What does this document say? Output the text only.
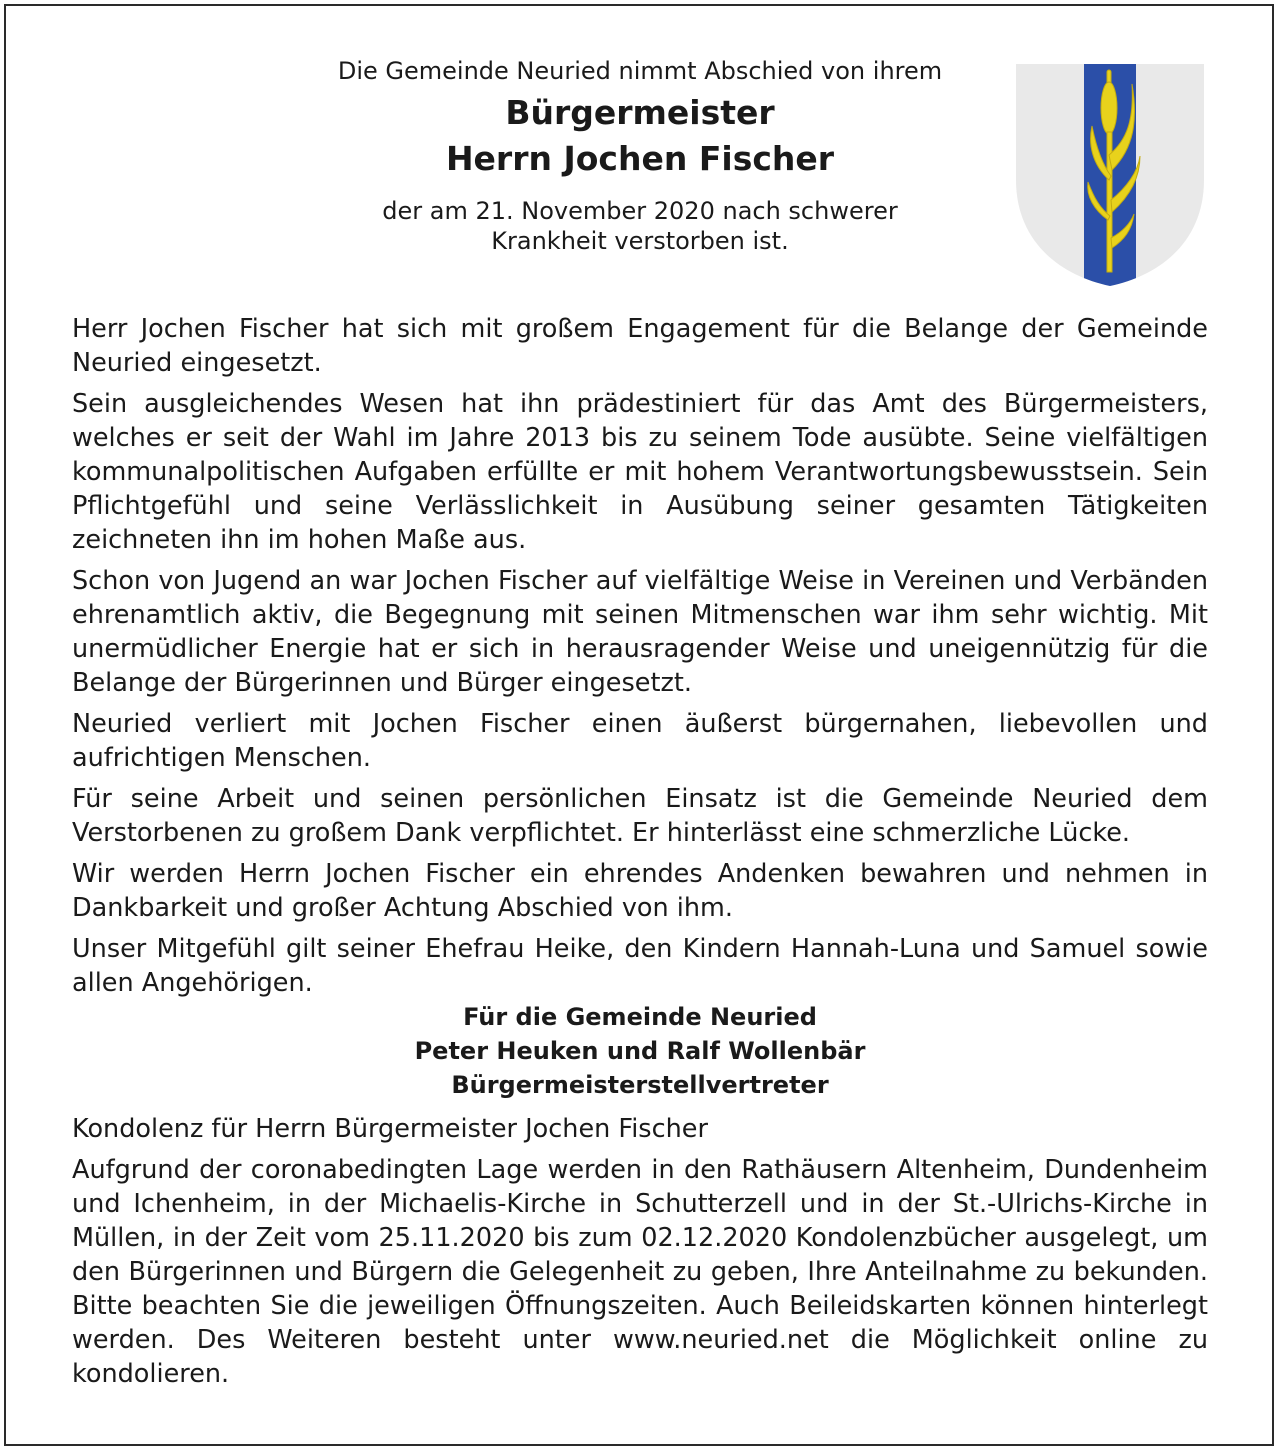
Die Gemeinde Neuried nimmt Abschied von ihrem

Bürgermeister

Herrn Jochen Fischer

der am 21. November 2020 nach schwerer
Krankheit verstorben ist.

Herr Jochen Fischer hat sich mit großem Engagement für die Belange der Gemeinde Neuried eingesetzt.

Sein ausgleichendes Wesen hat ihn prädestiniert für das Amt des Bürgermeisters, welches er seit der Wahl im Jahre 2013 bis zu seinem Tode ausübte. Seine vielfältigen kommunalpolitischen Aufgaben erfüllte er mit hohem Verantwortungsbewusstsein. Sein Pflichtgefühl und seine Verlässlichkeit in Ausübung seiner gesamten Tätigkeiten zeichneten ihn im hohen Maße aus.

Schon von Jugend an war Jochen Fischer auf vielfältige Weise in Vereinen und Verbänden ehrenamtlich aktiv, die Begegnung mit seinen Mitmenschen war ihm sehr wichtig. Mit unermüdlicher Energie hat er sich in herausragender Weise und uneigennützig für die Belange der Bürgerinnen und Bürger eingesetzt.

Neuried verliert mit Jochen Fischer einen äußerst bürgernahen, liebevollen und aufrichtigen Menschen.

Für seine Arbeit und seinen persönlichen Einsatz ist die Gemeinde Neuried dem Verstorbenen zu großem Dank verpflichtet. Er hinterlässt eine schmerzliche Lücke.

Wir werden Herrn Jochen Fischer ein ehrendes Andenken bewahren und nehmen in Dankbarkeit und großer Achtung Abschied von ihm.

Unser Mitgefühl gilt seiner Ehefrau Heike, den Kindern Hannah-Luna und Samuel sowie allen Angehörigen.

Für die Gemeinde Neuried
Peter Heuken und Ralf Wollenbär
Bürgermeisterstellvertreter

Kondolenz für Herrn Bürgermeister Jochen Fischer

Aufgrund der coronabedingten Lage werden in den Rathäusern Altenheim, Dundenheim und Ichenheim, in der Michaelis-Kirche in Schutterzell und in der St.-Ulrichs-Kirche in Müllen, in der Zeit vom 25.11.2020 bis zum 02.12.2020 Kondolenzbücher ausgelegt, um den Bürgerinnen und Bürgern die Gelegenheit zu geben, Ihre Anteilnahme zu bekunden. Bitte beachten Sie die jeweiligen Öffnungszeiten. Auch Beileidskarten können hinterlegt werden. Des Weiteren besteht unter www.neuried.net die Möglichkeit online zu kondolieren.
